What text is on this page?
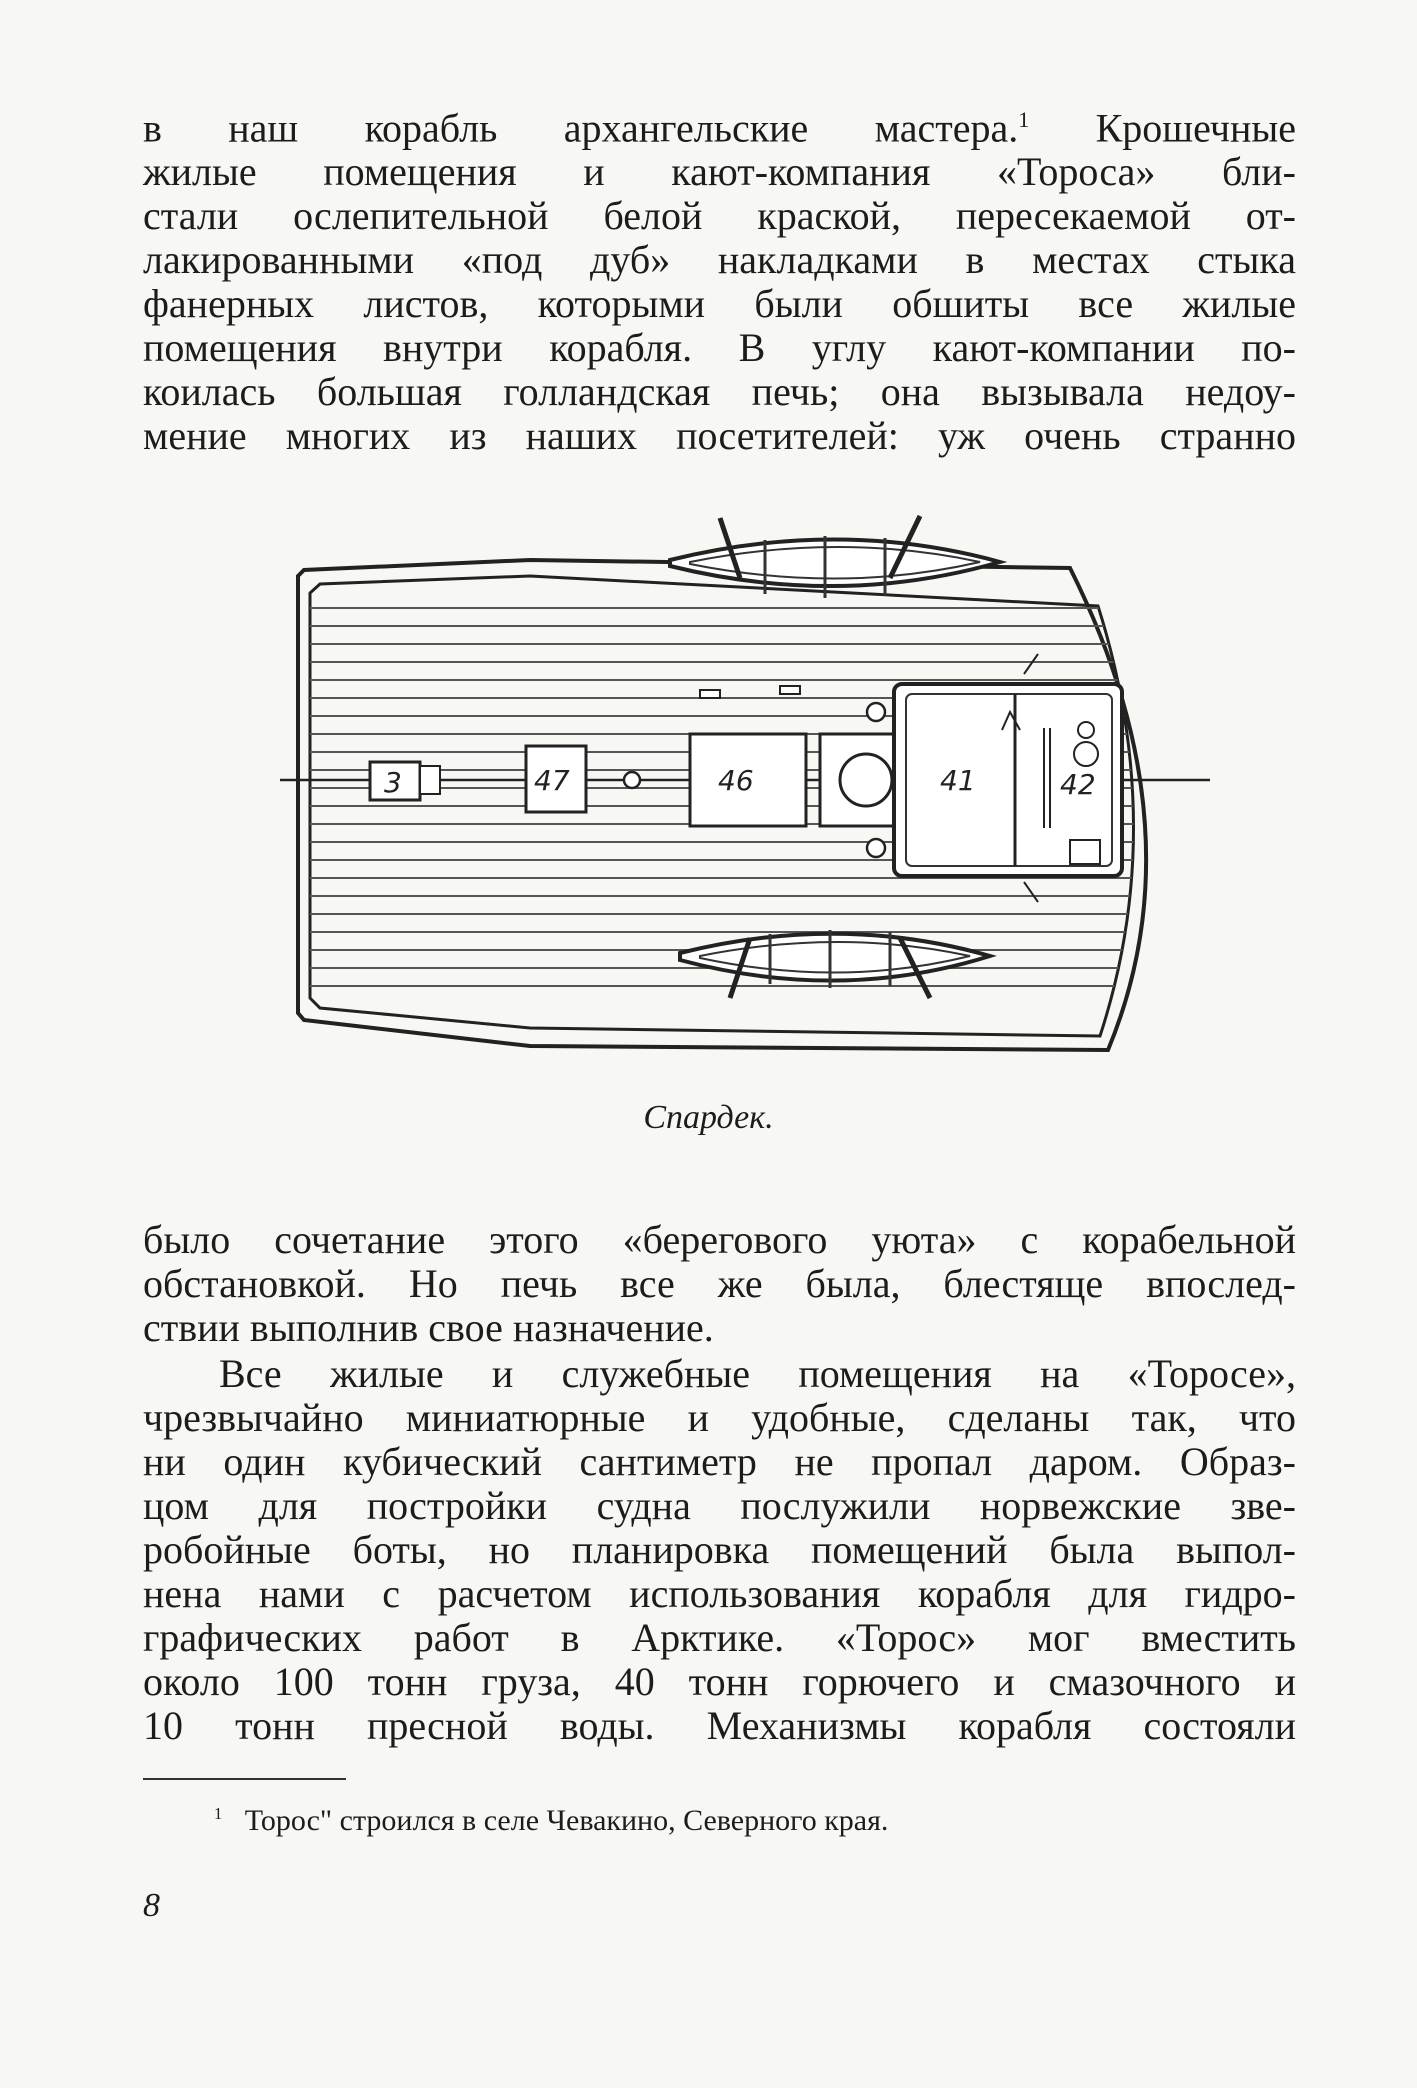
в наш корабль архангельские мастера.$^1$ Крошечные
жилые помещения и кают-компания «Тороса» бли-
стали ослепительной белой краской, пересекаемой от-
лакированными «под дуб» накладками в местах стыка
фанерных листов, которыми были обшиты все жилые
помещения внутри корабля. В углу кают-компании по-
коилась большая голландская печь; она вызывала недоу-
мение многих из наших посетителей: уж очень странно
3	47	46	41	42
Спардек.
было сочетание этого «берегового уюта» с корабельной
обстановкой. Но печь все же была, блестяще впослед-
ствии выполнив свое назначение.
Все жилые и служебные помещения на «Торосе»,
чрезвычайно миниатюрные и удобные, сделаны так, что
ни один кубический сантиметр не пропал даром. Образ-
цом для постройки судна послужили норвежские зве-
робойные боты, но планировка помещений была выпол-
нена нами с расчетом использования корабля для гидро-
графических работ в Арктике. «Торос» мог вместить
около 100 тонн груза, 40 тонн горючего и смазочного и
10 тонн пресной воды. Механизмы корабля состояли
$^1$ Торос" строился в селе Чевакино, Северного края.
8
